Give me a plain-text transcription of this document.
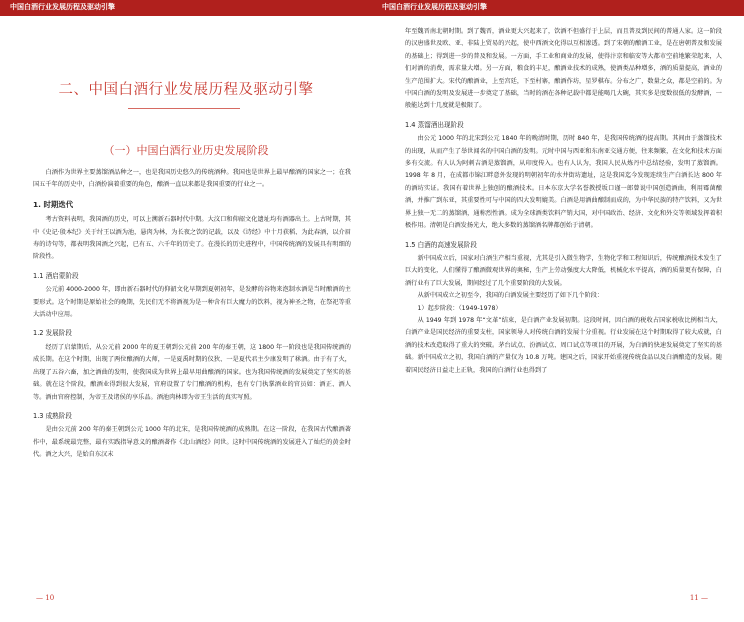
中国白酒行业发展历程及驱动引擎
二、中国白酒行业发展历程及驱动引擎
（一）中国白酒行业历史发展阶段

白酒作为世界主要蒸馏酒品种之一，也是我国历史悠久的传统酒种。我国也是世界上最早酿酒的国家之一；在我国五千年的历史中，白酒扮演着重要的角色，酿酒一直以来都是我国重要的行业之一。

1. 时期迭代

考古资料表明，我国酒的历史，可以上溯新石器时代中期。大汶口和仰韶文化遗址均有酒器出土。上古时期，其中《史记·殷本纪》关于纣王以酒为池，悬肉为林，为长夜之饮的记载，以及《诗经》中十月获稻、为此春酒，以介眉寿的诗句等，都表明我国酒之兴起，已有五、六千年的历史了。在漫长的历史进程中，中国传统酒的发展具有明细的阶段性。

1.1 酒启蒙阶段

公元前 4000-2000 年，即由新石器时代的仰韶文化早期到夏朝初年，是发酵的谷物来泡制水酒是当时酿酒的主要形式。这个时期是原始社会的晚期，先民们无不将酒视为是一种含有巨大魔力的饮料，视为神圣之物，在祭祀等重大活动中应用。

1.2 发展阶段

经历了启蒙期后，从公元前 2000 年的夏王朝到公元前 200 年的秦王朝，这 1800 年一阶段也是我国传统酒的成长期。在这个时期，出现了两位酿酒的大师，一是夏禹时期的仪狄、一是夏代君主少康发明了秫酒。由于有了火，出现了五谷六畜，加之酒曲的发明，使我国成为世界上最早用曲酿酒的国家。也为我国传统酒的发展奠定了坚实的基础。就在这个阶段，酿酒业得到很大发展，官府设置了专门酿酒的机构，也有专门执掌酒业的官员如：酒正、酒人等。酒由官府控制，为帝王及诸侯的享乐品。酒池肉林即为帝王生活的真实写照。

1.3 成熟阶段

是由公元前 200 年的秦王朝到公元 1000 年的北宋，是我国传统酒的成熟期。在这一阶段，在我国古代酿酒著作中，最系统最完整，最有实践指导意义的酿酒著作《北山酒经》问世。这时中国传统酒的发展进入了灿烂的黄金时代。酒之大兴，是始自东汉末

— 10
中国白酒行业发展历程及驱动引擎

年至魏晋南北朝时期。到了魏晋，酒业更大兴起来了，饮酒不但盛行于上层，而且普及到民间的普通人家。这一阶段的汉唐盛世及欧、亚、非陆上贸易的兴起，使中西酒文化得以互相渗透。到了宋朝的酿酒工业，是在唐朝普及和发展的基础上；得到进一步的普及和发展。一方面，手工业和商业的发展，使得汴京和临安等大都市空前地繁荣起来，人们对酒的消费，需求量大增。另一方面，粮食的丰足，酿酒业技术的成熟，使酒类品种增多，酒的质量提高，酒业的生产范围扩大。宋代的酿酒业，上至宫廷，下至村寨，酿酒作坊，星罗棋布。分布之广，数量之众，都是空前的。为中国白酒的发明及发展进一步奠定了基础，当时的酒在各种记载中都是能喝几大碗，其实多是度数很低的发酵酒，一般能达到十几度就是极限了。

1.4 蒸馏酒出现阶段

由公元 1000 年的北宋到公元 1840 年的晚清时期，历时 840 年，是我国传统酒的提高期。其间由于蒸馏技术的出现，从而产生了举世闻名的中国白酒的发明。元时中国与西亚和东南亚交通方便，往来频繁，在文化和技术方面多有交流。有人认为阿剌吉酒是蒸馏酒，从印度传入。也有人认为，我国人民从炼丹中总结经验，发明了蒸馏酒。1998 年 8 月，在成都市锦江畔意外发现的明朝初年的水井街坊遗址，这是我国迄今发现连续生产白酒长达 800 年的酒坊实证。我国有着世界上独创的酿酒技术。日本东京大学名誉教授坂口谨一郎曾说中国创造酒曲，利用霉菌酿酒，并推广到东亚，其重要性可与中国的四大发明媲美。白酒是用酒曲酿制而成的，为中华民族的特产饮料，又为世界上独一无二的蒸馏酒，通称烈性酒。成为全球酒类饮料产销大国，对中国政治、经济、文化和外交等领域发挥着积极作用。清朝是白酒发扬光大，绝大多数的蒸馏酒名牌都创始于清朝。

1.5 白酒的高速发展阶段

新中国成立后，国家对白酒生产相当重视，尤其是引入微生物学，生物化学和工程知识后，传统酿酒技术发生了巨大的变化，人们懂得了酿酒微观世界的奥秘，生产上劳动强度大大降低，机械化水平提高，酒的质量更有保障，白酒行业有了巨大发展，期间经过了几个重要阶段的大发展。

从新中国成立之初至今，我国的白酒发展主要经历了如下几个阶段：

1）起步阶段：（1949-1978）

从 1949 年到 1978 年“文革”结束，是白酒产业发展初期。这段时间，因白酒的税收占国家税收比例相当大，白酒产业是国民经济的重要支柱，国家领导人对传统白酒的发展十分重视。行业发展在这个时期取得了较大成就，白酒的技术改造取得了重大的突破。茅台试点、汾酒试点、周口试点等项目的开展，为白酒的快速发展奠定了坚实的基础。新中国成立之初，我国白酒的产量仅为 10.8 万吨。建国之后，国家开始重视传统食品以及白酒酿造的发展。随着国民经济日益走上正轨，我国的白酒行业也得到了

11 —
